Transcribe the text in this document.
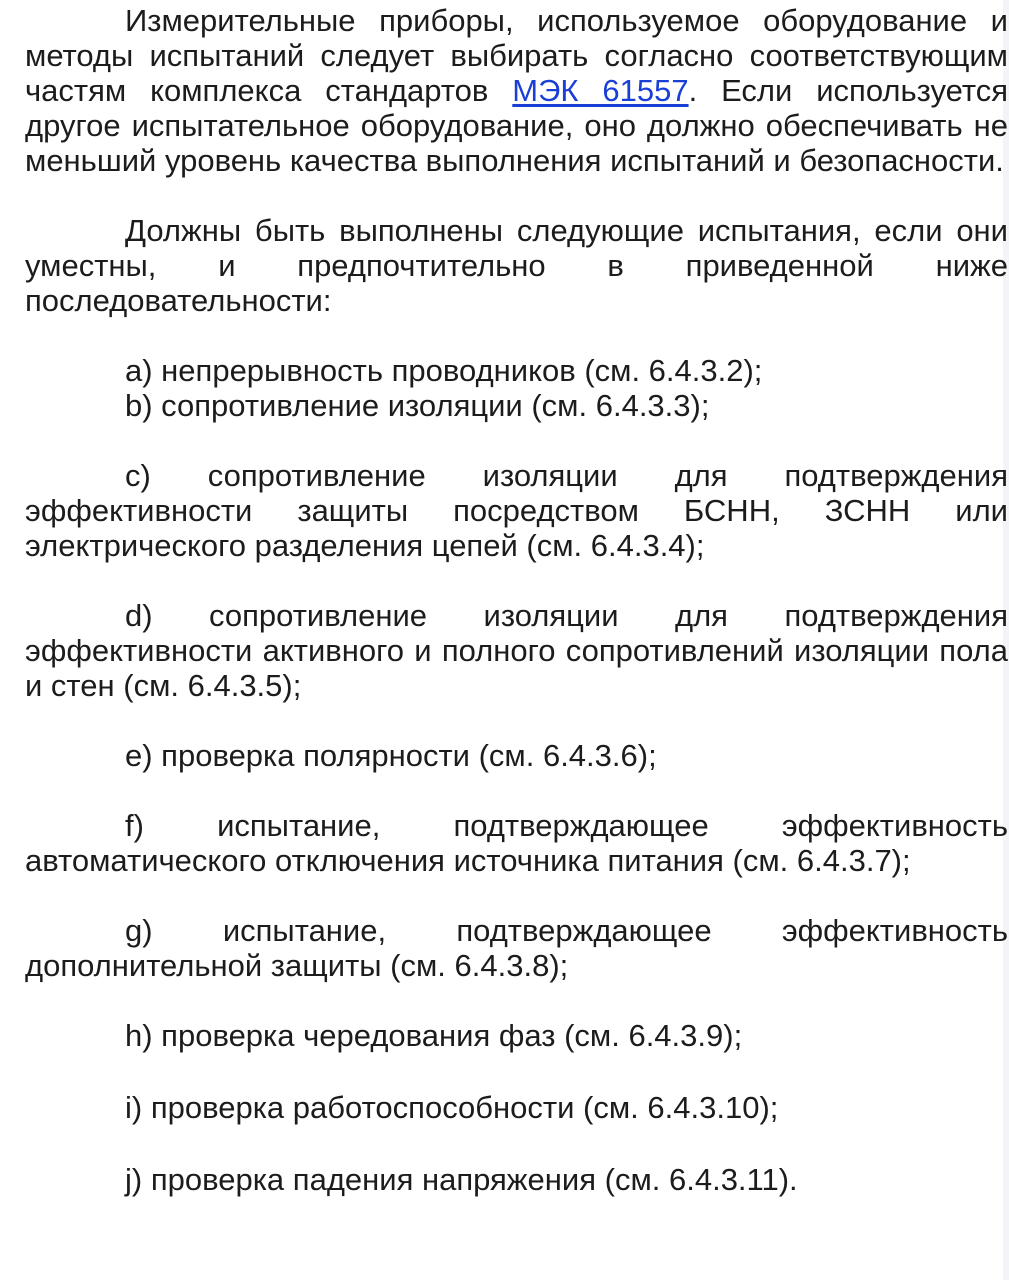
Измерительные приборы, используемое оборудование и методы испытаний следует выбирать согласно соответствующим частям комплекса стандартов МЭК 61557. Если используется другое испытательное оборудование, оно должно обеспечивать не меньший уровень качества выполнения испытаний и безопасности.

Должны быть выполнены следующие испытания, если они уместны, и предпочтительно в приведенной ниже последовательности:

a) непрерывность проводников (см. 6.4.3.2);

b) сопротивление изоляции (см. 6.4.3.3);

c) сопротивление изоляции для подтверждения эффективности защиты посредством БСНН, ЗСНН или электрического разделения цепей (см. 6.4.3.4);

d) сопротивление изоляции для подтверждения эффективности активного и полного сопротивлений изоляции пола и стен (см. 6.4.3.5);

e) проверка полярности (см. 6.4.3.6);

f) испытание, подтверждающее эффективность автоматического отключения источника питания (см. 6.4.3.7);

g) испытание, подтверждающее эффективность дополнительной защиты (см. 6.4.3.8);

h) проверка чередования фаз (см. 6.4.3.9);

i) проверка работоспособности (см. 6.4.3.10);

j) проверка падения напряжения (см. 6.4.3.11).
